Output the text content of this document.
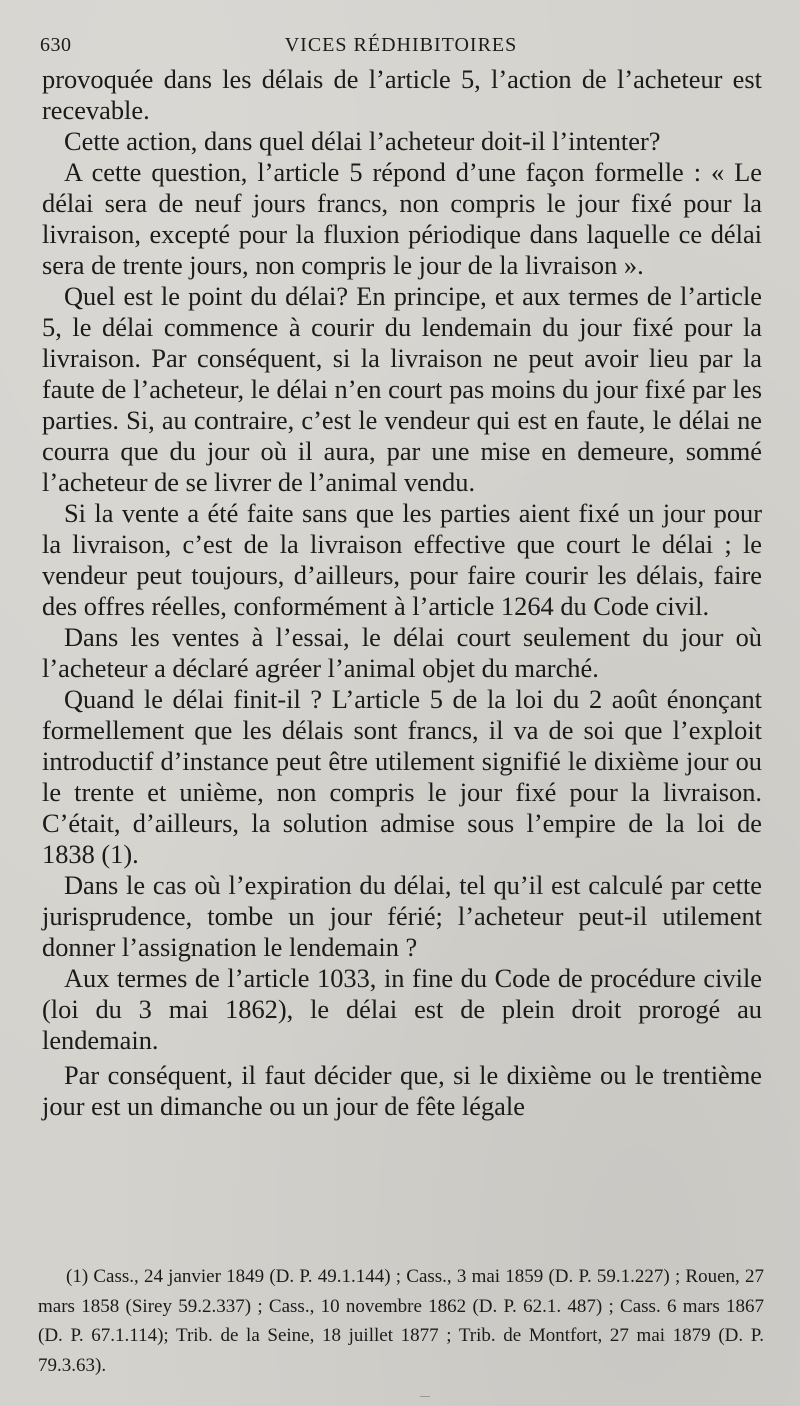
630	VICES RÉDHIBITOIRES

provoquée dans les délais de l’article 5, l’action de l’acheteur est recevable.

Cette action, dans quel délai l’acheteur doit-il l’intenter?

A cette question, l’article 5 répond d’une façon formelle : « Le délai sera de neuf jours francs, non compris le jour fixé pour la livraison, excepté pour la fluxion périodique dans laquelle ce délai sera de trente jours, non compris le jour de la livraison ».

Quel est le point du délai? En principe, et aux termes de l’article 5, le délai commence à courir du lendemain du jour fixé pour la livraison. Par conséquent, si la livraison ne peut avoir lieu par la faute de l’acheteur, le délai n’en court pas moins du jour fixé par les parties. Si, au contraire, c’est le vendeur qui est en faute, le délai ne courra que du jour où il aura, par une mise en demeure, sommé l’acheteur de se livrer de l’animal vendu.

Si la vente a été faite sans que les parties aient fixé un jour pour la livraison, c’est de la livraison effective que court le délai ; le vendeur peut toujours, d’ailleurs, pour faire courir les délais, faire des offres réelles, conformément à l’article 1264 du Code civil.

Dans les ventes à l’essai, le délai court seulement du jour où l’acheteur a déclaré agréer l’animal objet du marché.

Quand le délai finit-il ? L’article 5 de la loi du 2 août énonçant formellement que les délais sont francs, il va de soi que l’exploit introductif d’instance peut être utilement signifié le dixième jour ou le trente et unième, non compris le jour fixé pour la livraison. C’était, d’ailleurs, la solution admise sous l’empire de la loi de 1838 (1).

Dans le cas où l’expiration du délai, tel qu’il est calculé par cette jurisprudence, tombe un jour férié; l’acheteur peut-il utilement donner l’assignation le lendemain ?

Aux termes de l’article 1033, in fine du Code de procédure civile (loi du 3 mai 1862), le délai est de plein droit prorogé au lendemain.

Par conséquent, il faut décider que, si le dixième ou le trentième jour est un dimanche ou un jour de fête légale

(1) Cass., 24 janvier 1849 (D. P. 49.1.144) ; Cass., 3 mai 1859 (D. P. 59.1.227) ; Rouen, 27 mars 1858 (Sirey 59.2.337) ; Cass., 10 novembre 1862 (D. P. 62.1. 487) ; Cass. 6 mars 1867 (D. P. 67.1.114); Trib. de la Seine, 18 juillet 1877 ; Trib. de Montfort, 27 mai 1879 (D. P. 79.3.63).
